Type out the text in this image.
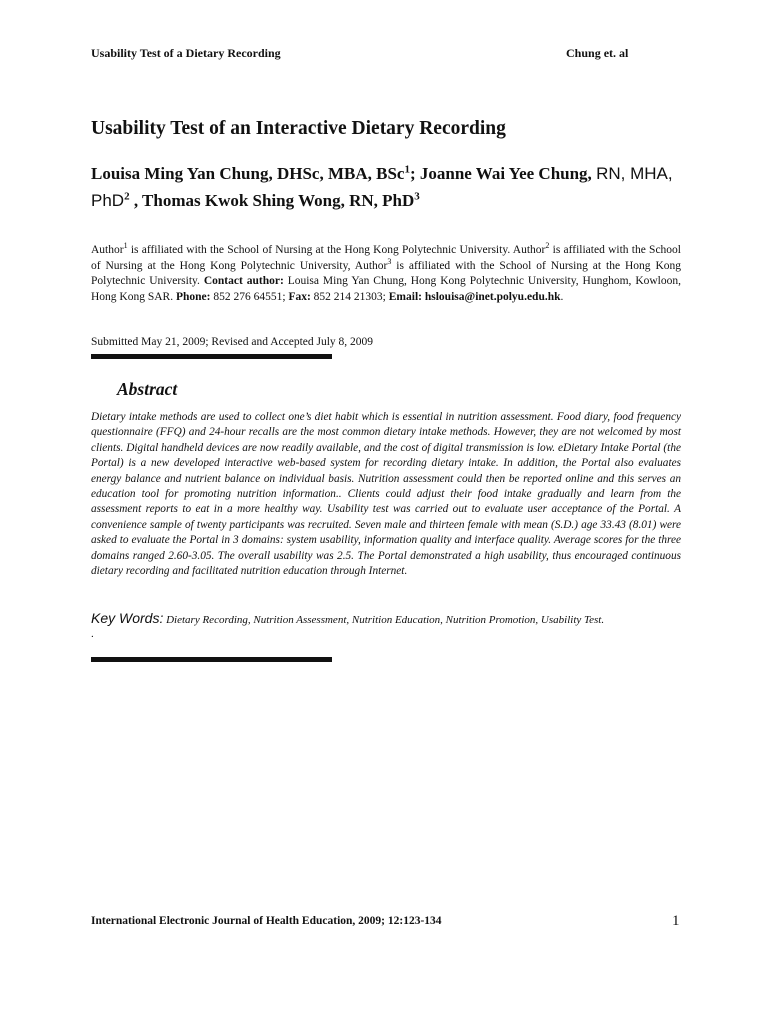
Usability Test of a Dietary Recording	Chung et. al
Usability Test of an Interactive Dietary Recording
Louisa Ming Yan Chung, DHSc, MBA, BSc$^1$; Joanne Wai Yee Chung, RN, MHA, PhD$^2$ , Thomas Kwok Shing Wong, RN, PhD$^3$
Author$^1$ is affiliated with the School of Nursing at the Hong Kong Polytechnic University. Author$^2$ is affiliated with the School of Nursing at the Hong Kong Polytechnic University, Author$^3$ is affiliated with the School of Nursing at the Hong Kong Polytechnic University. Contact author: Louisa Ming Yan Chung, Hong Kong Polytechnic University, Hunghom, Kowloon, Hong Kong SAR. Phone: 852 276 64551; Fax: 852 214 21303; Email: hslouisa@inet.polyu.edu.hk.
Submitted May 21, 2009; Revised and Accepted July 8, 2009
Abstract
Dietary intake methods are used to collect one’s diet habit which is essential in nutrition assessment. Food diary, food frequency questionnaire (FFQ) and 24-hour recalls are the most common dietary intake methods. However, they are not welcomed by most clients. Digital handheld devices are now readily available, and the cost of digital transmission is low. eDietary Intake Portal (the Portal) is a new developed interactive web-based system for recording dietary intake. In addition, the Portal also evaluates energy balance and nutrient balance on individual basis. Nutrition assessment could then be reported online and this serves an education tool for promoting nutrition information.. Clients could adjust their food intake gradually and learn from the assessment reports to eat in a more healthy way. Usability test was carried out to evaluate user acceptance of the Portal. A convenience sample of twenty participants was recruited. Seven male and thirteen female with mean (S.D.) age 33.43 (8.01) were asked to evaluate the Portal in 3 domains: system usability, information quality and interface quality. Average scores for the three domains ranged 2.60-3.05. The overall usability was 2.5. The Portal demonstrated a high usability, thus encouraged continuous dietary recording and facilitated nutrition education through Internet.
Key Words: Dietary Recording, Nutrition Assessment, Nutrition Education, Nutrition Promotion, Usability Test.
.
International Electronic Journal of Health Education, 2009; 12:123-134	1
